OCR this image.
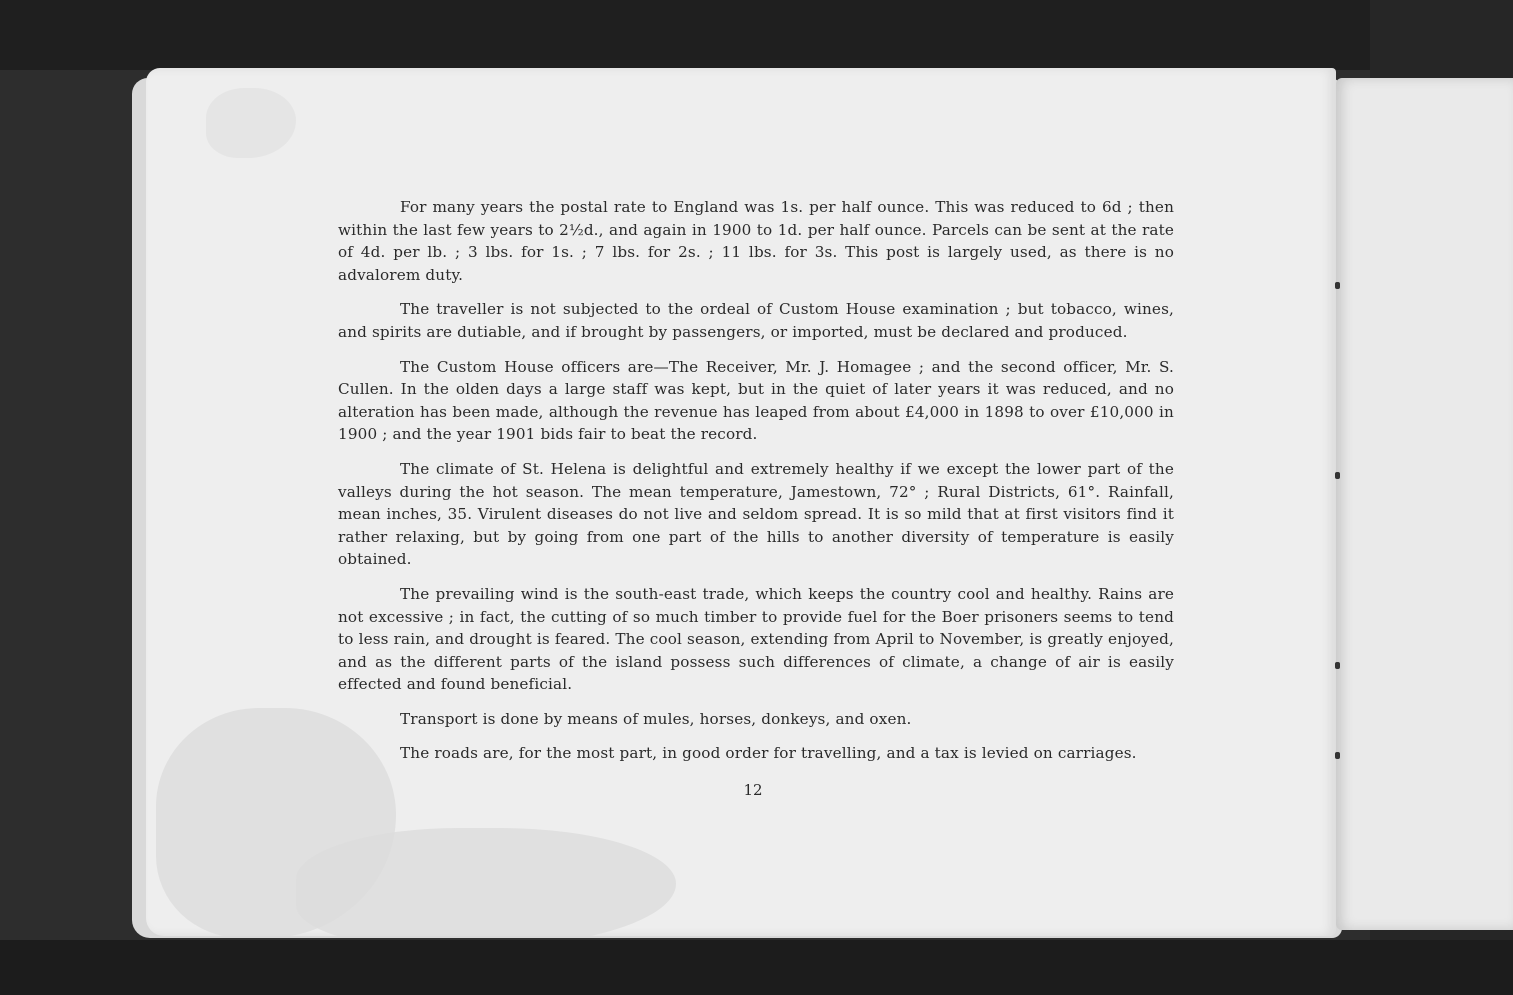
For many years the postal rate to England was 1s. per half ounce. This was reduced to 6d ; then within the last few years to 2½d., and again in 1900 to 1d. per half ounce. Parcels can be sent at the rate of 4d. per lb. ; 3 lbs. for 1s. ; 7 lbs. for 2s. ; 11 lbs. for 3s. This post is largely used, as there is no advalorem duty.

The traveller is not subjected to the ordeal of Custom House examination ; but tobacco, wines, and spirits are dutiable, and if brought by passengers, or imported, must be declared and produced.

The Custom House officers are—The Receiver, Mr. J. Homagee ; and the second officer, Mr. S. Cullen. In the olden days a large staff was kept, but in the quiet of later years it was reduced, and no alteration has been made, although the revenue has leaped from about £4,000 in 1898 to over £10,000 in 1900 ; and the year 1901 bids fair to beat the record.

The climate of St. Helena is delightful and extremely healthy if we except the lower part of the valleys during the hot season. The mean temperature, Jamestown, 72° ; Rural Districts, 61°. Rainfall, mean inches, 35. Virulent diseases do not live and seldom spread. It is so mild that at first visitors find it rather relaxing, but by going from one part of the hills to another diversity of temperature is easily obtained.

The prevailing wind is the south-east trade, which keeps the country cool and healthy. Rains are not excessive ; in fact, the cutting of so much timber to provide fuel for the Boer prisoners seems to tend to less rain, and drought is feared. The cool season, extending from April to November, is greatly enjoyed, and as the different parts of the island possess such differences of climate, a change of air is easily effected and found beneficial.

Transport is done by means of mules, horses, donkeys, and oxen.

The roads are, for the most part, in good order for travelling, and a tax is levied on carriages.

12
